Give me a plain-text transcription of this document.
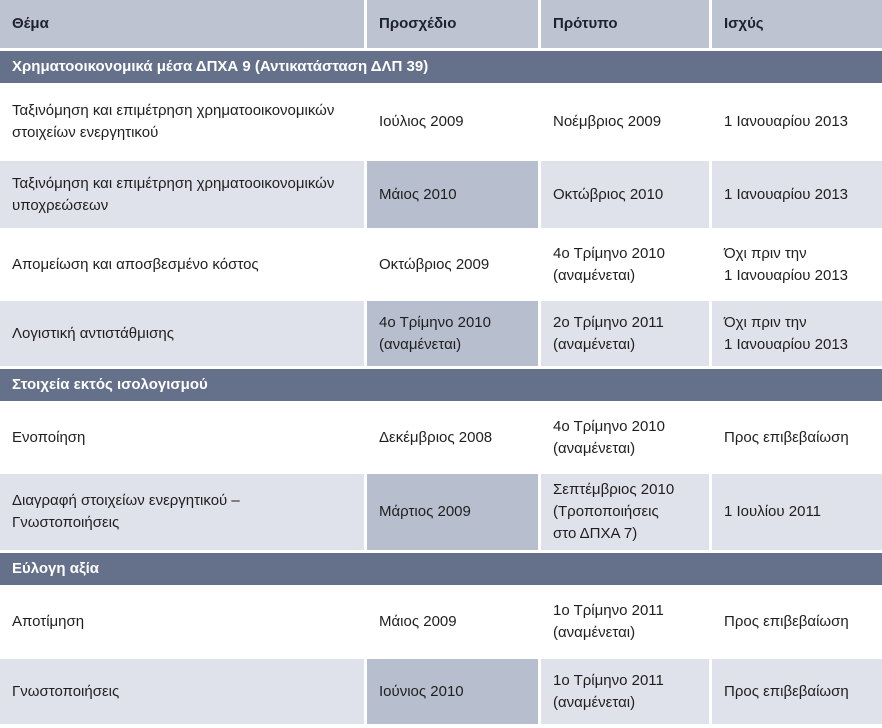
Θέμα	Προσχέδιο	Πρότυπο	Ισχύς
Χρηματοοικονομικά μέσα ΔΠΧΑ 9 (Αντικατάσταση ΔΛΠ 39)			

Ταξινόμηση και επιμέτρηση χρηματοοικονομικών
στοιχείων ενεργητικού	Ιούλιος 2009	Νοέμβριος 2009	1 Ιανουαρίου 2013

Ταξινόμηση και επιμέτρηση χρηματοοικονομικών
υποχρεώσεων	Μάιος 2010	Οκτώβριος 2010	1 Ιανουαρίου 2013

Απομείωση και αποσβεσμένο κόστος	Οκτώβριος 2009	4ο Τρίμηνο 2010
(αναμένεται)	Όχι πριν την
1 Ιανουαρίου 2013

Λογιστική αντιστάθμισης	4ο Τρίμηνο 2010
(αναμένεται)	2ο Τρίμηνο 2011
(αναμένεται)	Όχι πριν την
1 Ιανουαρίου 2013

Στοιχεία εκτός ισολογισμού			

Ενοποίηση	Δεκέμβριος 2008	4ο Τρίμηνο 2010
(αναμένεται)	Προς επιβεβαίωση

Διαγραφή στοιχείων ενεργητικού –
Γνωστοποιήσεις	Μάρτιος 2009	Σεπτέμβριος 2010
(Τροποποιήσεις
στο ΔΠΧΑ 7)	1 Ιουλίου 2011

Εύλογη αξία			

Αποτίμηση	Μάιος 2009	1ο Τρίμηνο 2011
(αναμένεται)	Προς επιβεβαίωση

Γνωστοποιήσεις	Ιούνιος 2010	1ο Τρίμηνο 2011
(αναμένεται)	Προς επιβεβαίωση
